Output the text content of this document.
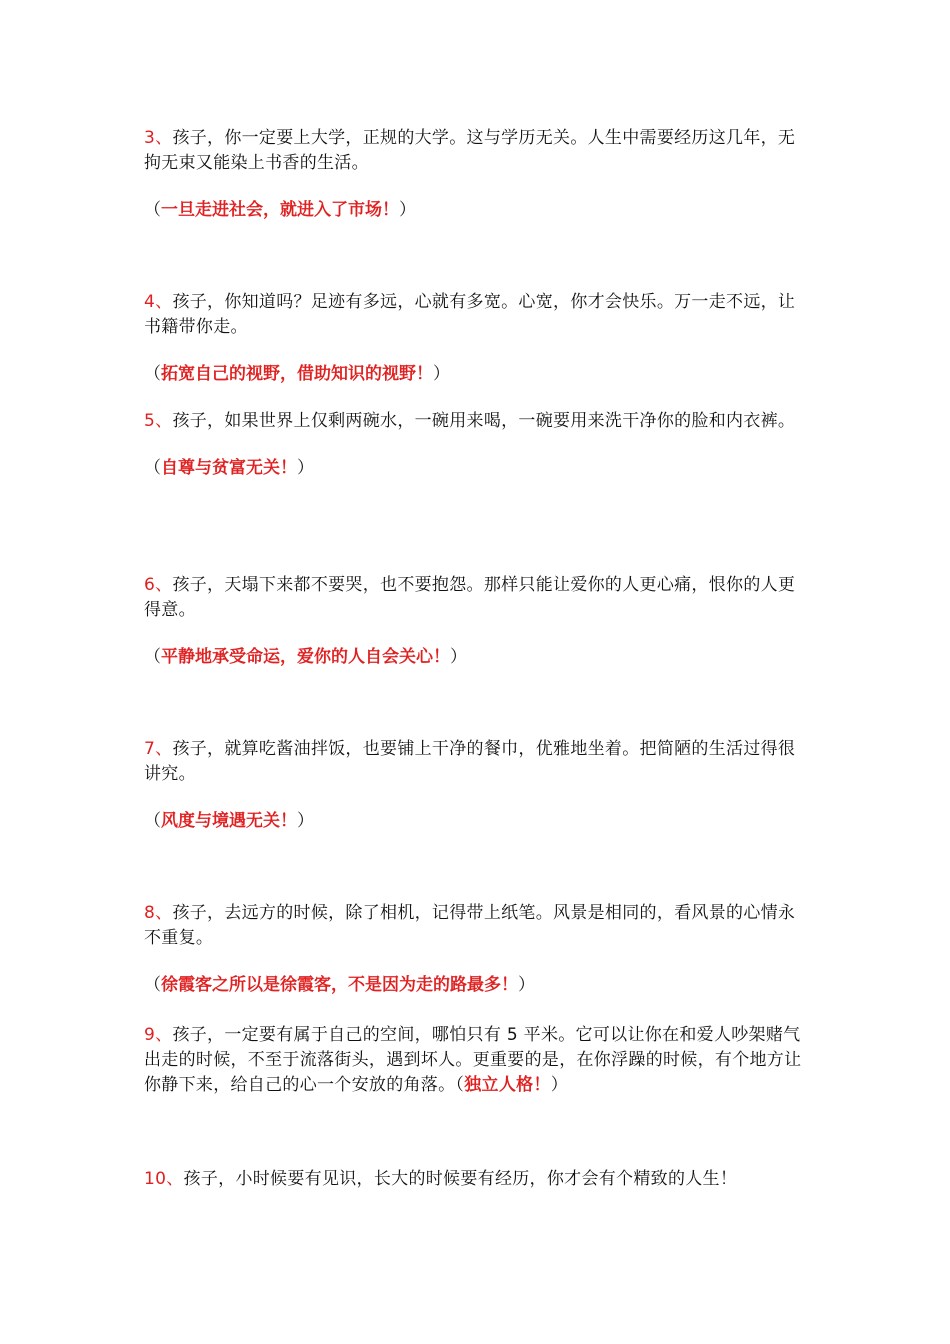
3、孩子，你一定要上大学，正规的大学。这与学历无关。人生中需要经历这几年，无拘无束又能染上书香的生活。

（一旦走进社会，就进入了市场！）

4、孩子，你知道吗？足迹有多远，心就有多宽。心宽，你才会快乐。万一走不远，让书籍带你走。

（拓宽自己的视野，借助知识的视野！）

5、孩子，如果世界上仅剩两碗水，一碗用来喝，一碗要用来洗干净你的脸和内衣裤。

（自尊与贫富无关！）

6、孩子，天塌下来都不要哭，也不要抱怨。那样只能让爱你的人更心痛，恨你的人更得意。

（平静地承受命运，爱你的人自会关心！）

7、孩子，就算吃酱油拌饭，也要铺上干净的餐巾，优雅地坐着。把简陋的生活过得很讲究。

（风度与境遇无关！）

8、孩子，去远方的时候，除了相机，记得带上纸笔。风景是相同的，看风景的心情永不重复。

（徐霞客之所以是徐霞客，不是因为走的路最多！）

9、孩子，一定要有属于自己的空间，哪怕只有 5 平米。它可以让你在和爱人吵架赌气出走的时候，不至于流落街头，遇到坏人。更重要的是，在你浮躁的时候，有个地方让你静下来，给自己的心一个安放的角落。（独立人格！）

10、孩子，小时候要有见识，长大的时候要有经历，你才会有个精致的人生！
